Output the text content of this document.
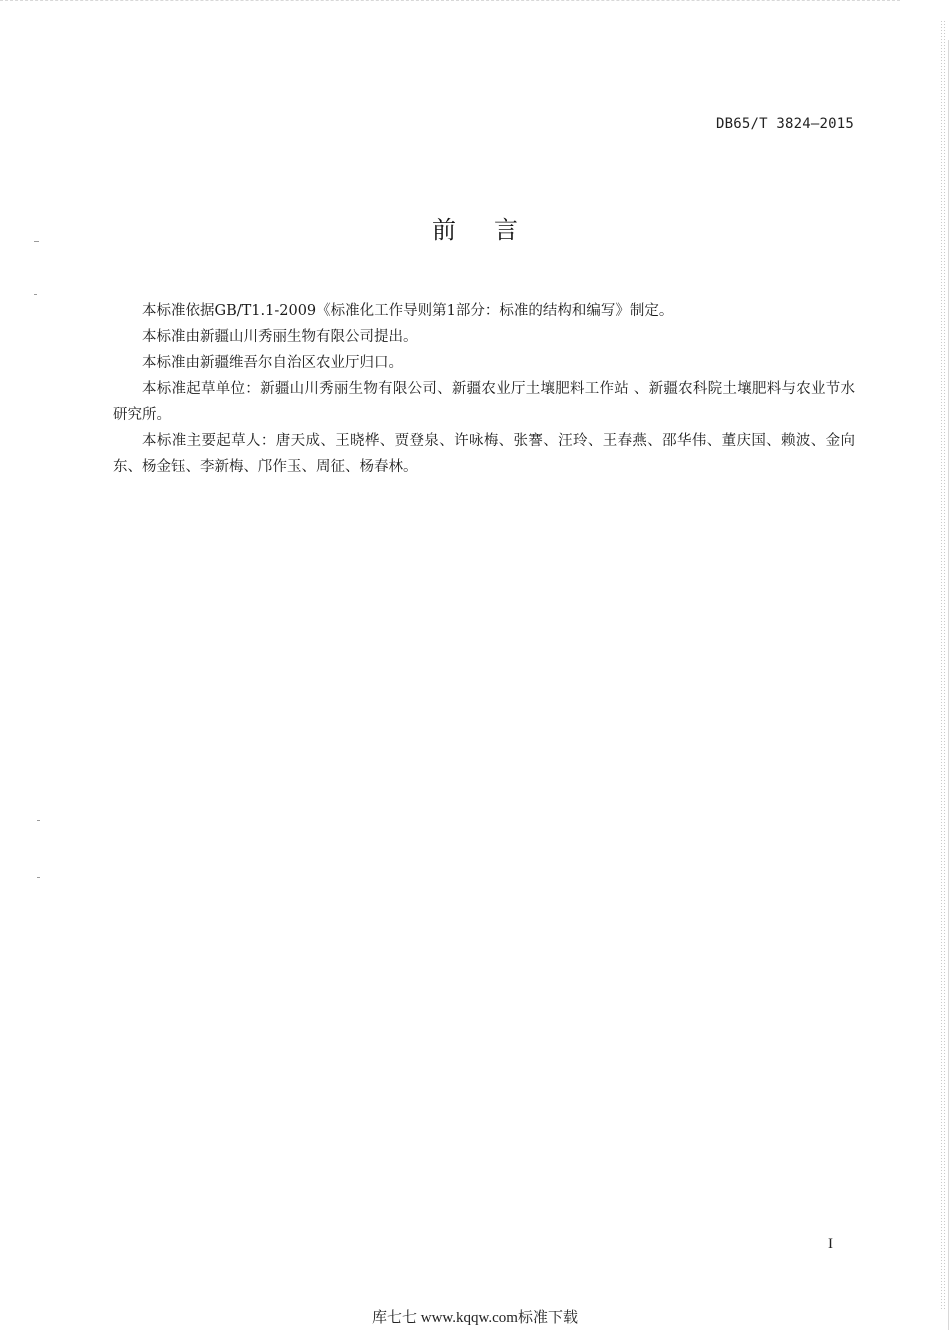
DB65/T 3824—2015
前言

本标准依据GB/T1.1-2009《标准化工作导则第1部分：标准的结构和编写》制定。

本标准由新疆山川秀丽生物有限公司提出。

本标准由新疆维吾尔自治区农业厅归口。

本标准起草单位：新疆山川秀丽生物有限公司、新疆农业厅土壤肥料工作站 、新疆农科院土壤肥料与农业节水研究所。

本标准主要起草人：唐天成、王晓桦、贾登泉、许咏梅、张謇、汪玲、王春燕、邵华伟、董庆国、赖波、金向东、杨金钰、李新梅、邝作玉、周征、杨春林。

I
库七七 www.kqqw.com标准下载
